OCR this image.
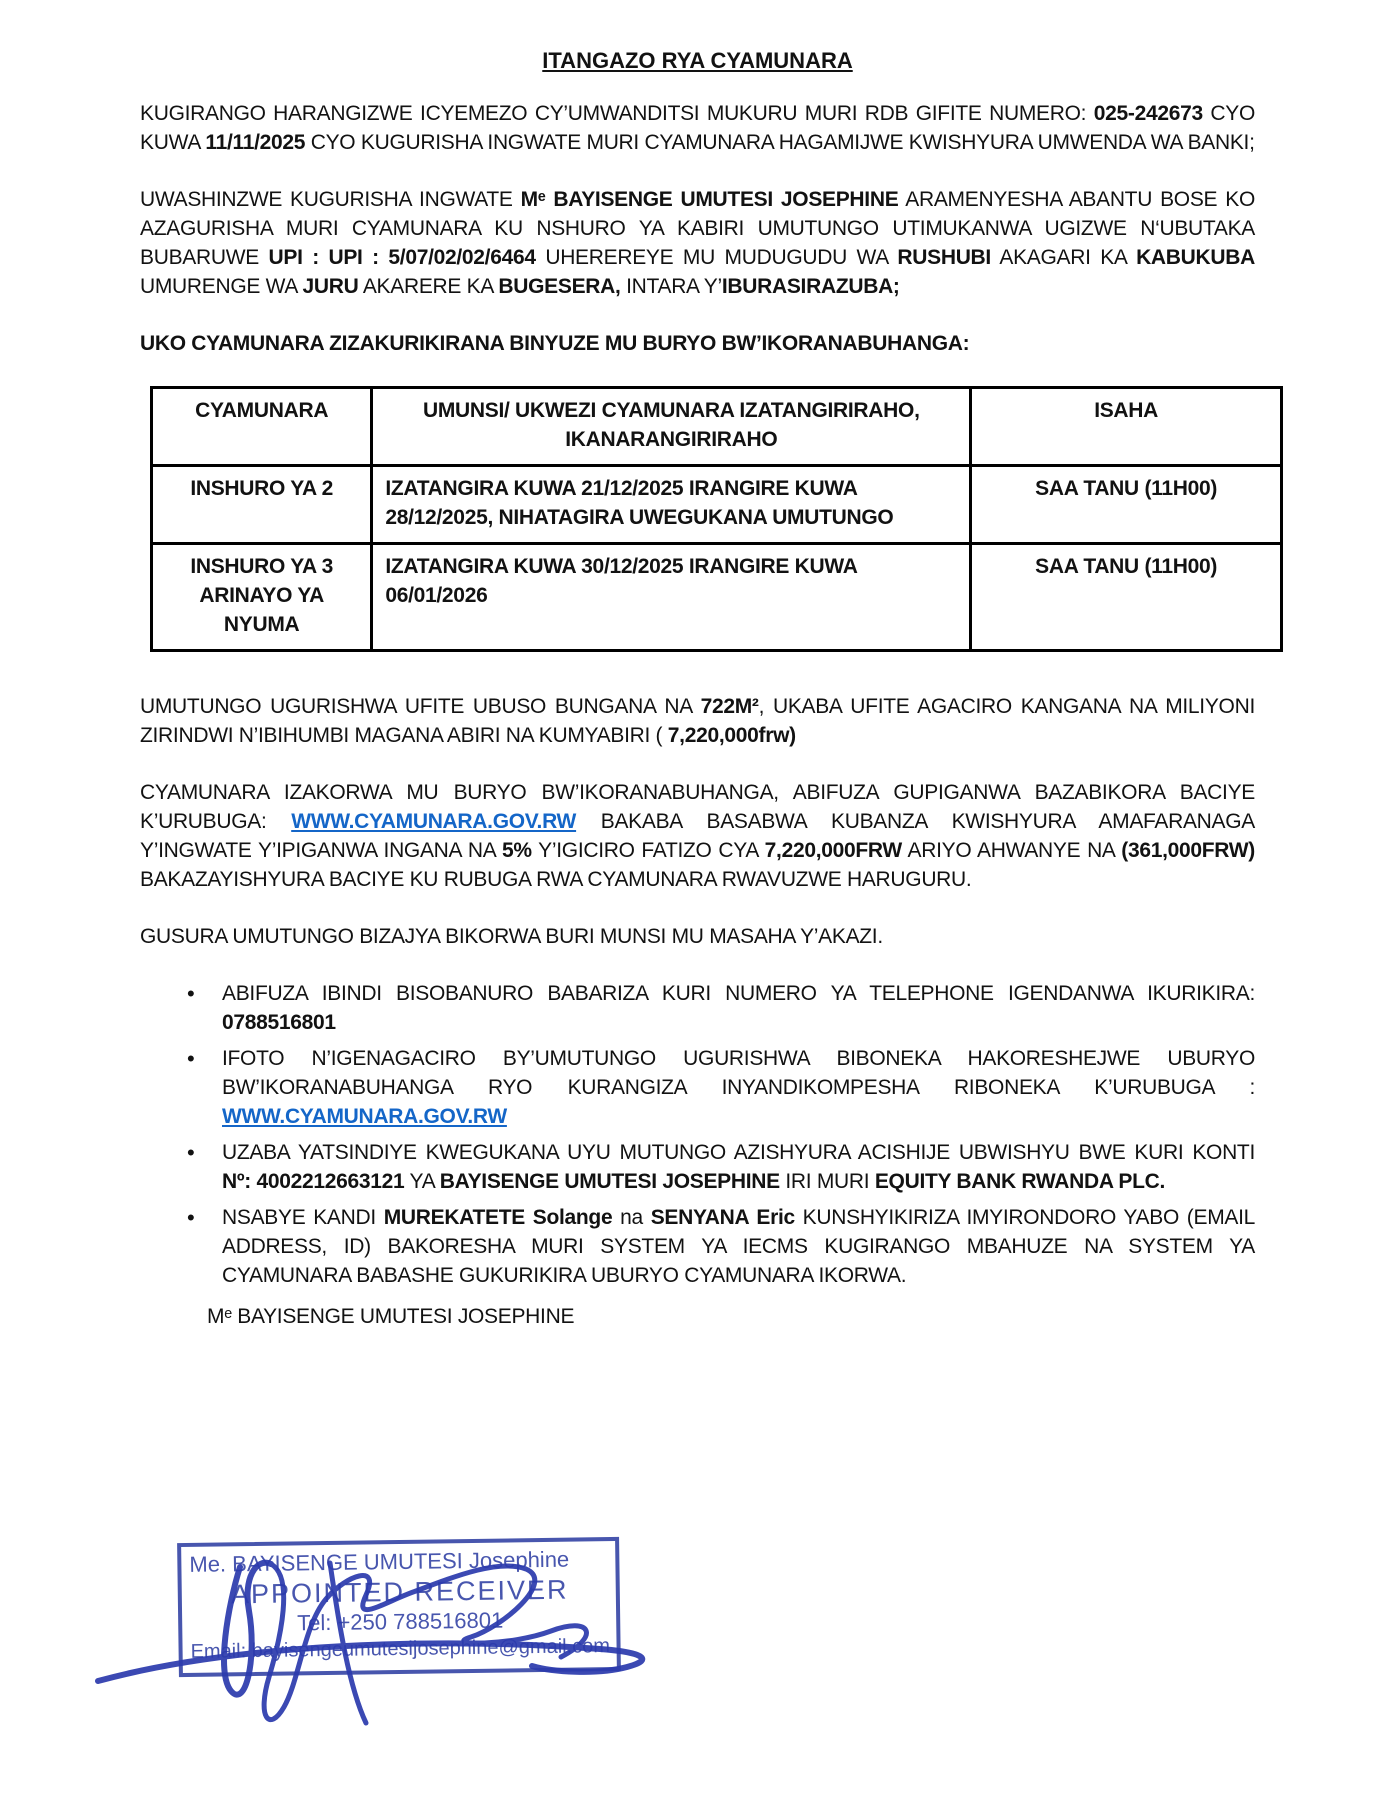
ITANGAZO RYA CYAMUNARA

KUGIRANGO HARANGIZWE ICYEMEZO CY’UMWANDITSI MUKURU MURI RDB GIFITE NUMERO: 025-242673 CYO KUWA 11/11/2025 CYO KUGURISHA INGWATE MURI CYAMUNARA HAGAMIJWE KWISHYURA UMWENDA WA BANKI;

UWASHINZWE KUGURISHA INGWATE Mᵉ BAYISENGE UMUTESI JOSEPHINE ARAMENYESHA ABANTU BOSE KO AZAGURISHA MURI CYAMUNARA KU NSHURO YA KABIRI UMUTUNGO UTIMUKANWA UGIZWE N‘UBUTAKA BUBARUWE UPI : UPI : 5/07/02/02/6464 UHEREREYE MU MUDUGUDU WA RUSHUBI AKAGARI KA KABUKUBA UMURENGE WA JURU AKARERE KA BUGESERA, INTARA Y’IBURASIRAZUBA;

UKO CYAMUNARA ZIZAKURIKIRANA BINYUZE MU BURYO BW’IKORANABUHANGA:
CYAMUNARA	UMUNSI/ UKWEZI CYAMUNARA IZATANGIRIRAHO, IKANARANGIRIRAHO	ISAHA
INSHURO YA 2	IZATANGIRA KUWA 21/12/2025 IRANGIRE KUWA 28/12/2025, NIHATAGIRA UWEGUKANA UMUTUNGO	SAA TANU (11H00)
INSHURO YA 3 ARINAYO YA NYUMA	IZATANGIRA KUWA 30/12/2025 IRANGIRE KUWA 06/01/2026	SAA TANU (11H00)

UMUTUNGO UGURISHWA UFITE UBUSO BUNGANA NA 722M², UKABA UFITE AGACIRO KANGANA NA MILIYONI ZIRINDWI N’IBIHUMBI MAGANA ABIRI NA KUMYABIRI ( 7,220,000frw)

CYAMUNARA IZAKORWA MU BURYO BW’IKORANABUHANGA, ABIFUZA GUPIGANWA BAZABIKORA BACIYE K’URUBUGA: WWW.CYAMUNARA.GOV.RW BAKABA BASABWA KUBANZA KWISHYURA AMAFARANAGA Y’INGWATE Y’IPIGANWA INGANA NA 5% Y’IGICIRO FATIZO CYA 7,220,000FRW ARIYO AHWANYE NA (361,000FRW) BAKAZAYISHYURA BACIYE KU RUBUGA RWA CYAMUNARA RWAVUZWE HARUGURU.

GUSURA UMUTUNGO BIZAJYA BIKORWA BURI MUNSI MU MASAHA Y’AKAZI.

• ABIFUZA IBINDI BISOBANURO BABARIZA KURI NUMERO YA TELEPHONE IGENDANWA IKURIKIRA: 0788516801
• IFOTO N’IGENAGACIRO BY’UMUTUNGO UGURISHWA BIBONEKA HAKORESHEJWE UBURYO BW’IKORANABUHANGA RYO KURANGIZA INYANDIKOMPESHA RIBONEKA K’URUBUGA : WWW.CYAMUNARA.GOV.RW
• UZABA YATSINDIYE KWEGUKANA UYU MUTUNGO AZISHYURA ACISHIJE UBWISHYU BWE KURI KONTI Nº: 4002212663121 YA BAYISENGE UMUTESI JOSEPHINE IRI MURI EQUITY BANK RWANDA PLC.
• NSABYE KANDI MUREKATETE Solange na SENYANA Eric KUNSHYIKIRIZA IMYIRONDORO YABO (EMAIL ADDRESS, ID) BAKORESHA MURI SYSTEM YA IECMS KUGIRANGO MBAHUZE NA SYSTEM YA CYAMUNARA BABASHE GUKURIKIRA UBURYO CYAMUNARA IKORWA.
Mᵉ BAYISENGE UMUTESI JOSEPHINE
Me. BAYISENGE UMUTESI Josephine
APPOINTED RECEIVER
Tel: +250 788516801
Email: bayisengeumutesijosephine@gmail.com
